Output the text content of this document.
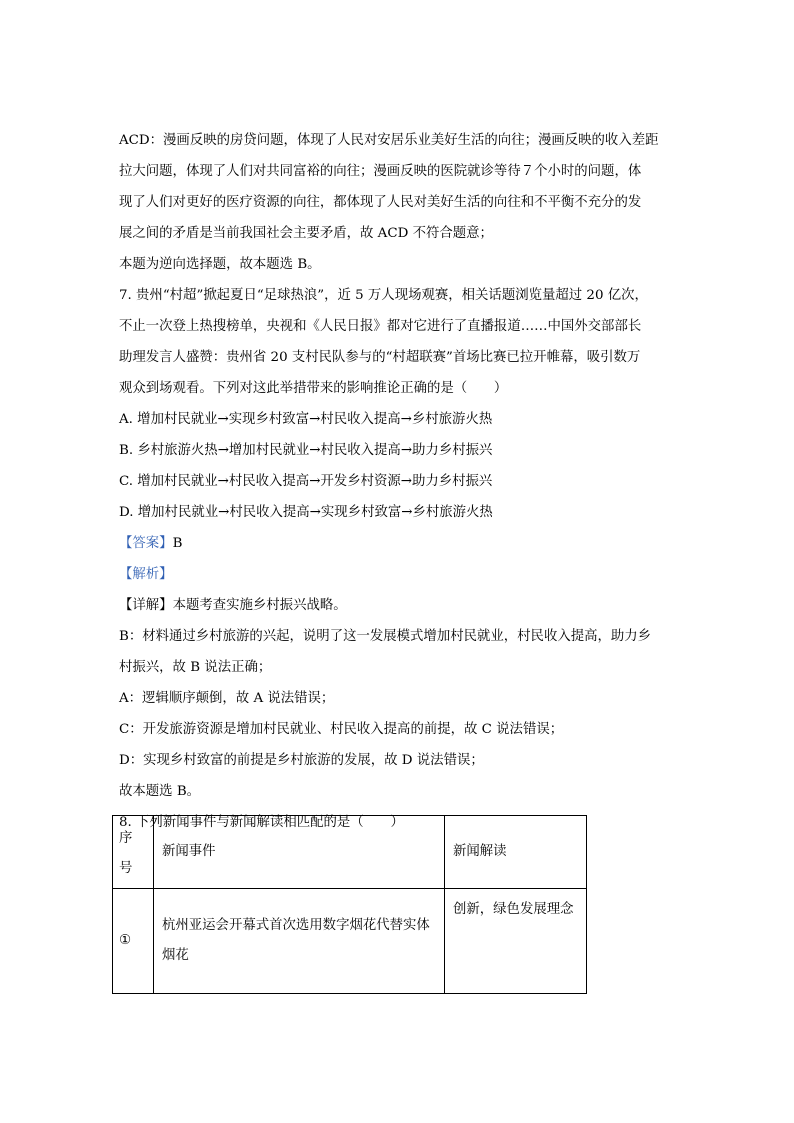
ACD：漫画反映的房贷问题，体现了人民对安居乐业美好生活的向往；漫画反映的收入差距
拉大问题，体现了人们对共同富裕的向往；漫画反映的医院就诊等待７个小时的问题，体
现了人们对更好的医疗资源的向往，都体现了人民对美好生活的向往和不平衡不充分的发
展之间的矛盾是当前我国社会主要矛盾，故 ACD 不符合题意；
本题为逆向选择题，故本题选 B。
7. 贵州“村超”掀起夏日“足球热浪”，近 5 万人现场观赛，相关话题浏览量超过 20 亿次，
不止一次登上热搜榜单，央视和《人民日报》都对它进行了直播报道……中国外交部部长
助理发言人盛赞：贵州省 20 支村民队参与的“村超联赛”首场比赛已拉开帷幕，吸引数万
观众到场观看。下列对这此举措带来的影响推论正确的是（　　）
A. 增加村民就业→实现乡村致富→村民收入提高→乡村旅游火热
B. 乡村旅游火热→增加村民就业→村民收入提高→助力乡村振兴
C. 增加村民就业→村民收入提高→开发乡村资源→助力乡村振兴
D. 增加村民就业→村民收入提高→实现乡村致富→乡村旅游火热
【答案】B
【解析】
【详解】本题考查实施乡村振兴战略。
B：材料通过乡村旅游的兴起，说明了这一发展模式增加村民就业，村民收入提高，助力乡
村振兴，故 B 说法正确；
A：逻辑顺序颠倒，故 A 说法错误；
C：开发旅游资源是增加村民就业、村民收入提高的前提，故 C 说法错误；
D：实现乡村致富的前提是乡村旅游的发展，故 D 说法错误；
故本题选 B。
8. 下列新闻事件与新闻解读相匹配的是（　　）
序号	新闻事件	新闻解读

①	杭州亚运会开幕式首次选用数字烟花代替实体烟花	创新，绿色发展理念
